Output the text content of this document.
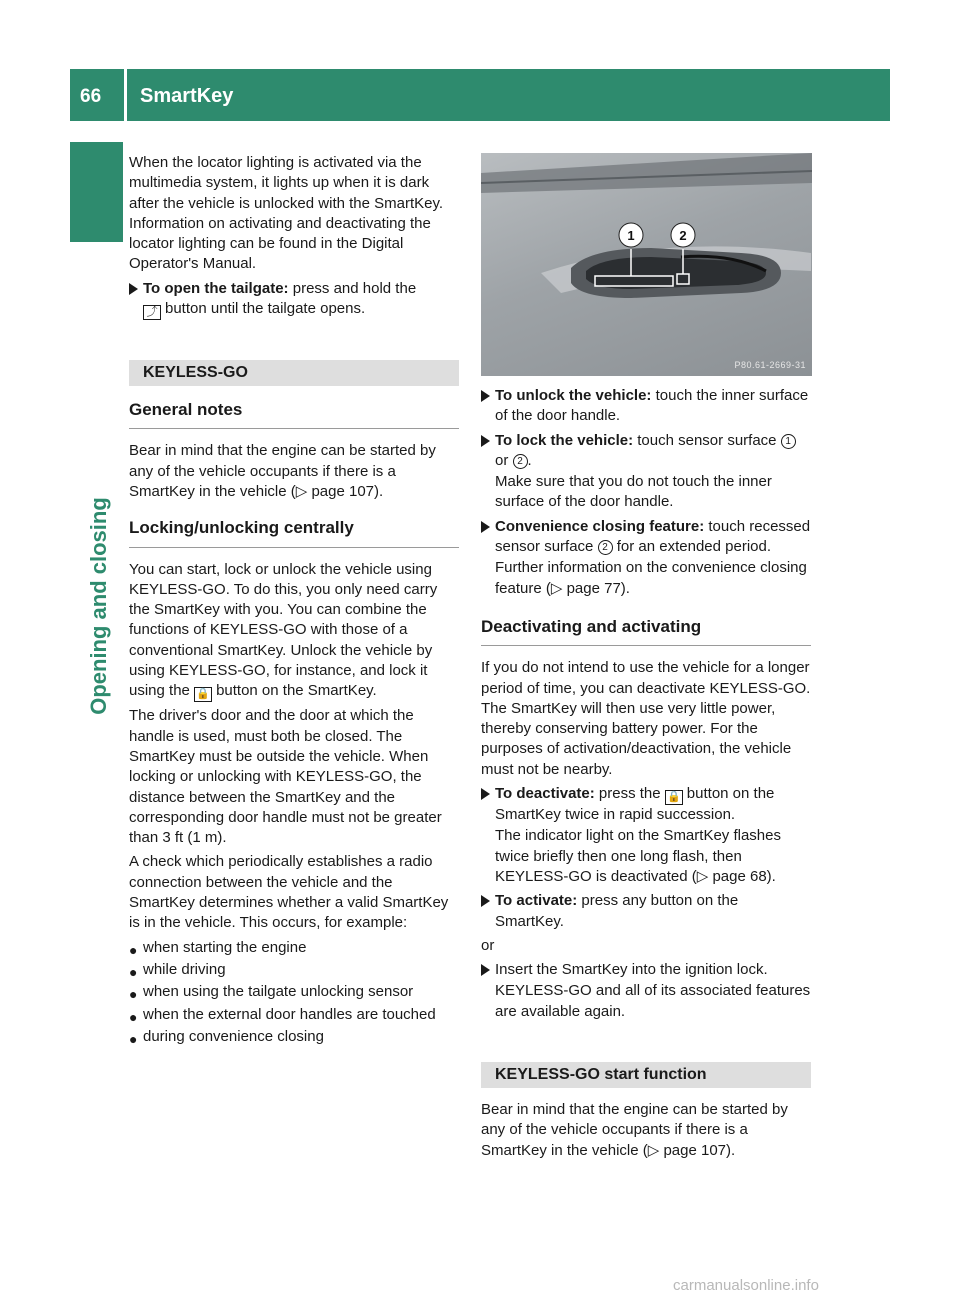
66 SmartKey
Opening and closing

When the locator lighting is activated via the multimedia system, it lights up when it is dark after the vehicle is unlocked with the SmartKey. Information on activating and deactivating the locator lighting can be found in the Digital Operator's Manual.

To open the tailgate: press and hold the
⤴ button until the tailgate opens.
KEYLESS-GO
General notes

Bear in mind that the engine can be started by any of the vehicle occupants if there is a SmartKey in the vehicle (▷ page 107).

Locking/unlocking centrally

You can start, lock or unlock the vehicle using KEYLESS-GO. To do this, you only need carry the SmartKey with you. You can combine the functions of KEYLESS-GO with those of a conventional SmartKey. Unlock the vehicle by using KEYLESS-GO, for instance, and lock it using the 🔒 button on the SmartKey.

The driver's door and the door at which the handle is used, must both be closed. The SmartKey must be outside the vehicle. When locking or unlocking with KEYLESS-GO, the distance between the SmartKey and the corresponding door handle must not be greater than 3 ft (1 m).

A check which periodically establishes a radio connection between the vehicle and the SmartKey determines whether a valid SmartKey is in the vehicle. This occurs, for example:

● when starting the engine
● while driving
● when using the tailgate unlocking sensor
● when the external door handles are touched
● during convenience closing
1	2
P80.61-2669-31
To unlock the vehicle: touch the inner surface of the door handle.
To lock the vehicle: touch sensor surface 1 or 2 .
Make sure that you do not touch the inner surface of the door handle.
Convenience closing feature: touch recessed sensor surface 2 for an extended period.
Further information on the convenience closing feature (▷ page 77).
Deactivating and activating

If you do not intend to use the vehicle for a longer period of time, you can deactivate KEYLESS-GO. The SmartKey will then use very little power, thereby conserving battery power. For the purposes of activation/deactivation, the vehicle must not be nearby.

To deactivate: press the 🔒 button on the SmartKey twice in rapid succession.
The indicator light on the SmartKey flashes twice briefly then one long flash, then KEYLESS-GO is deactivated (▷ page 68).
To activate: press any button on the SmartKey.

or

Insert the SmartKey into the ignition lock.
KEYLESS-GO and all of its associated features are available again.
KEYLESS-GO start function

Bear in mind that the engine can be started by any of the vehicle occupants if there is a SmartKey in the vehicle (▷ page 107).

carmanualsonline.info
